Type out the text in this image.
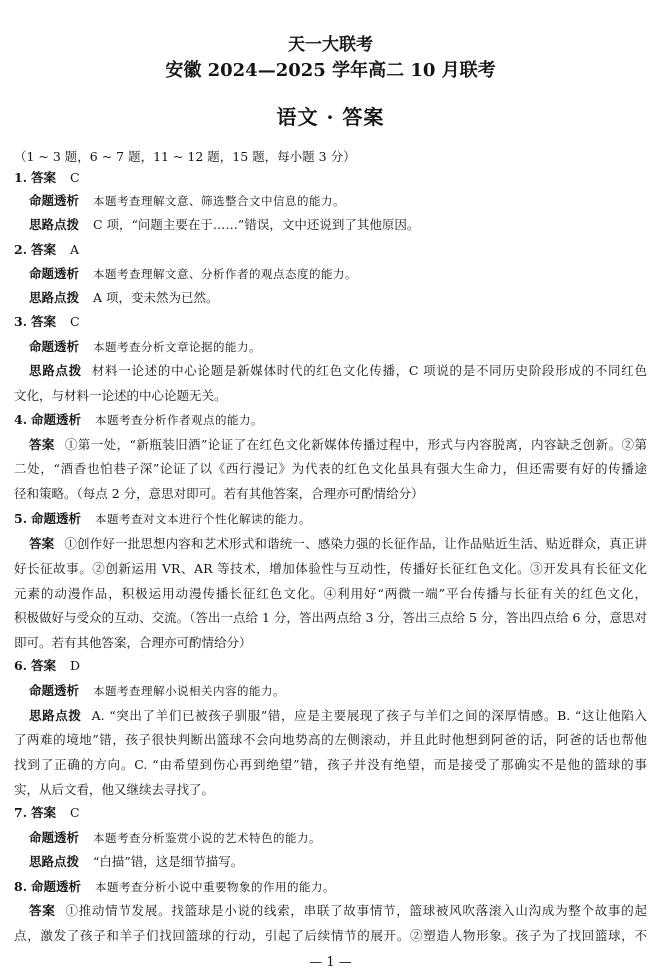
天一大联考
安徽 2024—2025 学年高二 10 月联考
语文 · 答案
（1 ~ 3 题，6 ~ 7 题，11 ~ 12 题，15 题，每小题 3 分）
1. 答案 C
命题透析 本题考查理解文意、筛选整合文中信息的能力。
思路点拨 C 项，“问题主要在于……”错误，文中还说到了其他原因。
2. 答案 A
命题透析 本题考查理解文意、分析作者的观点态度的能力。
思路点拨 A 项，变未然为已然。
3. 答案 C
命题透析 本题考查分析文章论据的能力。
思路点拨 材料一论述的中心论题是新媒体时代的红色文化传播，C 项说的是不同历史阶段形成的不同红色
文化，与材料一论述的中心论题无关。
4. 命题透析 本题考查分析作者观点的能力。
答案 ①第一处，“新瓶装旧酒”论证了在红色文化新媒体传播过程中，形式与内容脱离，内容缺乏创新。②第
二处，“酒香也怕巷子深”论证了以《西行漫记》为代表的红色文化虽具有强大生命力，但还需要有好的传播途
径和策略。（每点 2 分，意思对即可。若有其他答案，合理亦可酌情给分）
5. 命题透析 本题考查对文本进行个性化解读的能力。
答案 ①创作好一批思想内容和艺术形式和谐统一、感染力强的长征作品，让作品贴近生活、贴近群众，真正讲
好长征故事。②创新运用 VR、AR 等技术，增加体验性与互动性，传播好长征红色文化。③开发具有长征文化
元素的动漫作品，积极运用动漫传播长征红色文化。④利用好“两微一端”平台传播与长征有关的红色文化，
积极做好与受众的互动、交流。（答出一点给 1 分，答出两点给 3 分，答出三点给 5 分，答出四点给 6 分，意思对
即可。若有其他答案，合理亦可酌情给分）
6. 答案 D
命题透析 本题考查理解小说相关内容的能力。
思路点拨 A. “突出了羊们已被孩子驯服”错，应是主要展现了孩子与羊们之间的深厚情感。B. “这让他陷入
了两难的境地”错，孩子很快判断出篮球不会向地势高的左侧滚动，并且此时他想到阿爸的话，阿爸的话也帮他
找到了正确的方向。C. “由希望到伤心再到绝望”错，孩子并没有绝望，而是接受了那确实不是他的篮球的事
实，从后文看，他又继续去寻找了。
7. 答案 C
命题透析 本题考查分析鉴赏小说的艺术特色的能力。
思路点拨 “白描”错，这是细节描写。
8. 命题透析 本题考查分析小说中重要物象的作用的能力。
答案 ①推动情节发展。找篮球是小说的线索，串联了故事情节，篮球被风吹落滚入山沟成为整个故事的起
点，激发了孩子和羊子们找回篮球的行动，引起了后续情节的展开。②塑造人物形象。孩子为了找回篮球，不
— 1 —
